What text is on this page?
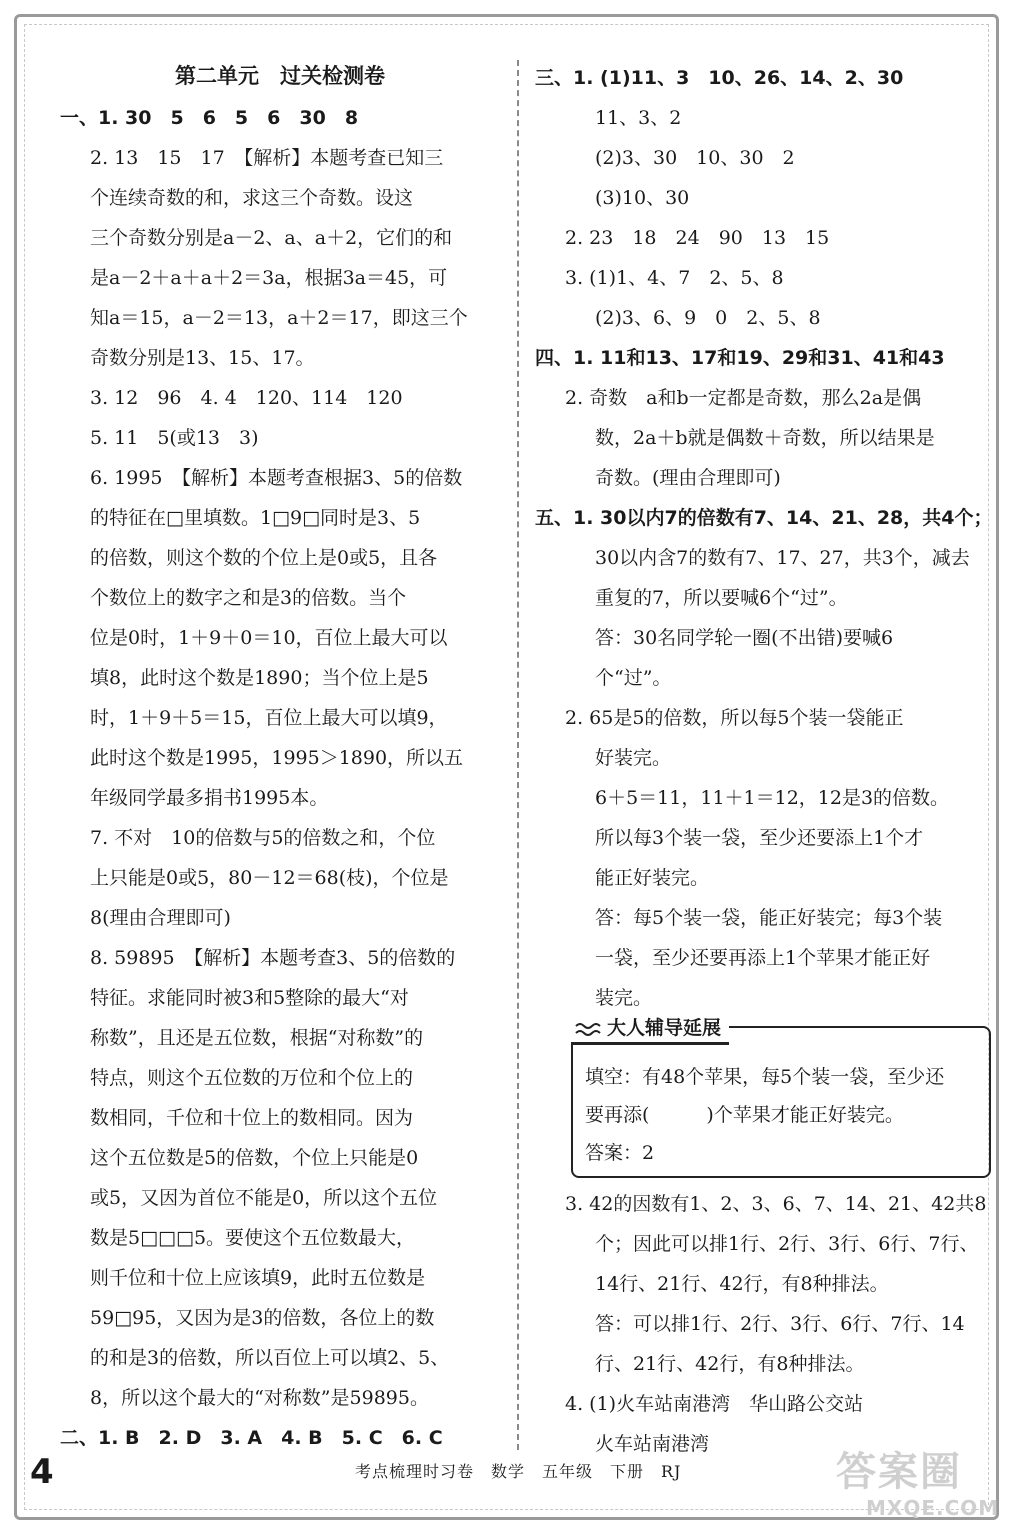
第二单元　过关检测卷
一、1. 30　5　6　5　6　30　8
2. 13　15　17　【解析】本题考查已知三
个连续奇数的和，求这三个奇数。设这
三个奇数分别是a－2、a、a＋2，它们的和
是a－2＋a＋a＋2＝3a，根据3a＝45，可
知a＝15，a－2＝13，a＋2＝17，即这三个
奇数分别是13、15、17。
3. 12　96　4. 4　120、114　120
5. 11　5(或13　3)
6. 1995　【解析】本题考查根据3、5的倍数
的特征在□里填数。1□9□同时是3、5
的倍数，则这个数的个位上是0或5，且各
个数位上的数字之和是3的倍数。当个
位是0时，1＋9＋0＝10，百位上最大可以
填8，此时这个数是1890；当个位上是5
时，1＋9＋5＝15，百位上最大可以填9，
此时这个数是1995，1995＞1890，所以五
年级同学最多捐书1995本。
7. 不对　10的倍数与5的倍数之和，个位
上只能是0或5，80－12＝68(枝)，个位是
8(理由合理即可)
8. 59895　【解析】本题考查3、5的倍数的
特征。求能同时被3和5整除的最大“对
称数”，且还是五位数，根据“对称数”的
特点，则这个五位数的万位和个位上的
数相同，千位和十位上的数相同。因为
这个五位数是5的倍数，个位上只能是0
或5，又因为首位不能是0，所以这个五位
数是5□□□5。要使这个五位数最大，
则千位和十位上应该填9，此时五位数是
59□95，又因为是3的倍数，各位上的数
的和是3的倍数，所以百位上可以填2、5、
8，所以这个最大的“对称数”是59895。
二、1. B　2. D　3. A　4. B　5. C　6. C
三、1. (1)11、3　10、26、14、2、30
11、3、2
(2)3、30　10、30　2
(3)10、30
2. 23　18　24　90　13　15
3. (1)1、4、7　2、5、8
(2)3、6、9　0　2、5、8
四、1. 11和13、17和19、29和31、41和43
2. 奇数　a和b一定都是奇数，那么2a是偶
数，2a＋b就是偶数＋奇数，所以结果是
奇数。(理由合理即可)
五、1. 30以内7的倍数有7、14、21、28，共4个；
30以内含7的数有7、17、27，共3个，减去
重复的7，所以要喊6个“过”。
答：30名同学轮一圈(不出错)要喊6
个“过”。
2. 65是5的倍数，所以每5个装一袋能正
好装完。
6＋5＝11，11＋1＝12，12是3的倍数。
所以每3个装一袋，至少还要添上1个才
能正好装完。
答：每5个装一袋，能正好装完；每3个装
一袋，至少还要再添上1个苹果才能正好
装完。
大人辅导延展
填空：有48个苹果，每5个装一袋，至少还
要再添(　　　)个苹果才能正好装完。
答案：2
3. 42的因数有1、2、3、6、7、14、21、42共8
个；因此可以排1行、2行、3行、6行、7行、
14行、21行、42行，有8种排法。
答：可以排1行、2行、3行、6行、7行、14
行、21行、42行，有8种排法。
4. (1)火车站南港湾　华山路公交站
火车站南港湾
4	考点梳理时习卷　数学　五年级　下册　RJ	答案圈
MXQE.COM
